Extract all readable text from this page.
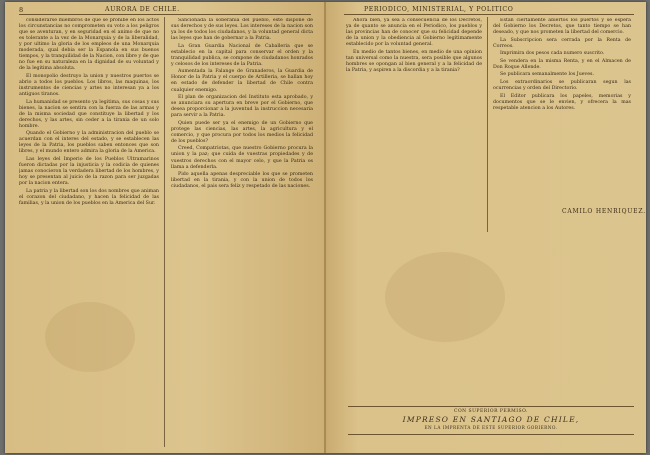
8	AURORA DE CHILE.

considerarse miembros de que se prohibe en los actos los circunstancias no comprometen su voto a los peligros que se aventuran, y en seguridad en el animo de que no es tolerante a la vez de la Monarquia y de la liberalidad, y por ultimo la gloria de los empleos de una Monarquia moderada, qual debia ser la Espanola en sus buenos tiempos, y la tranquilidad de la Nacion, con libre y de que no fue en su naturaleza en la dignidad de su voluntad y de la legitima absoluta.

El monopolio destruyo la union y nuestros puertos se abrio a todos los pueblos. Los libros, las maquinas, los instrumentos de ciencias y artes no interesan ya a los antiguos tiranos.

La humanidad se presento ya legitima, sus cosas y sus bienes, la nacion se sentira con la fuerza de las armas y de la misma sociedad que constituye la libertad y los derechos, y las artes, sin ceder a la tirania de un solo hombre.

Quando el Gobierno y la administracion del pueblo se acuerdan con el interes del estado, y se establecen las leyes de la Patria, los pueblos saben entonces que son libres, y el mundo entero admira la gloria de la America.

Las leyes del Imperio de los Pueblos Ultramarinos fueron dictadas por la injusticia y la codicia de quienes jamas conocieron la verdadera libertad de los hombres, y hoy se presentan al juicio de la razon para ser juzgadas por la nacion entera.

La patria y la libertad son los dos nombres que animan el corazon del ciudadano, y hacen la felicidad de las familias, y la union de los pueblos en la America del Sur.

Sancionada la soberania del pueblo, este dispone de sus derechos y de sus leyes. Los intereses de la nacion son ya los de todos los ciudadanos, y la voluntad general dicta las leyes que han de gobernar a la Patria.

La Gran Guardia Nacional de Caballeria que se establecio en la capital para conservar el orden y la tranquilidad publica, se compone de ciudadanos honrados y celosos de los intereses de la Patria.

Aumentada la Falange de Granaderos, la Guardia de Honor de la Patria y el cuerpo de Artilleria, se hallan hoy en estado de defender la libertad de Chile contra cualquier enemigo.

El plan de organizacion del Instituto esta aprobado, y se anunciara su apertura en breve por el Gobierno, que desea proporcionar a la juventud la instruccion necesaria para servir a la Patria.

Quien puede ser ya el enemigo de un Gobierno que protege las ciencias, las artes, la agricultura y el comercio, y que procura por todos los medios la felicidad de los pueblos?

Creed, Compatriotas, que nuestro Gobierno procura la union y la paz; que cuida de vuestras propiedades y de vuestros derechos con el mayor celo, y que la Patria os llama a defenderla.

Pido aquella apenas despreciable los que se prometen libertad en la tirania, y con la union de todos los ciudadanos, el pais sera feliz y respetado de las naciones.

PERIODICO, MINISTERIAL, Y POLITICO

Ahora bien, ya sea a consecuencia de los Decretos, ya de quanto se anuncia en el Periodico, los pueblos y las provincias han de conocer que su felicidad depende de la union y la obediencia al Gobierno legitimamente establecido por la voluntad general.

En medio de tantos bienes, en medio de una opinion tan universal como la nuestra, sera posible que algunos hombres se opongan al bien general y a la felicidad de la Patria, y aspiren a la discordia y a la tirania?

Estan ciertamente abiertos los puertos y se espera del Gobierno los Decretos, que tanto tiempo se han deseado, y que nos prometen la libertad del comercio.

La Subscripcion sera cerrada por la Renta de Correos.

Imprimira dos pesos cada numero suscrito.

Se vendera en la misma Renta, y en el Almacen de Don Roque Allende.

Se publicara semanalmente los Jueves.

Los extraordinarios se publicaran segun las ocurrencias y orden del Directorio.

El Editor publicara los papeles, memorias y documentos que se le envien, y ofrecera la mas respetable atencion a los Autores.

CAMILO HENRIQUEZ.
CON SUPERIOR PERMISO.
IMPRESO EN SANTIAGO DE CHILE,
EN LA IMPRENTA DE ESTE SUPERIOR GOBIERNO.
